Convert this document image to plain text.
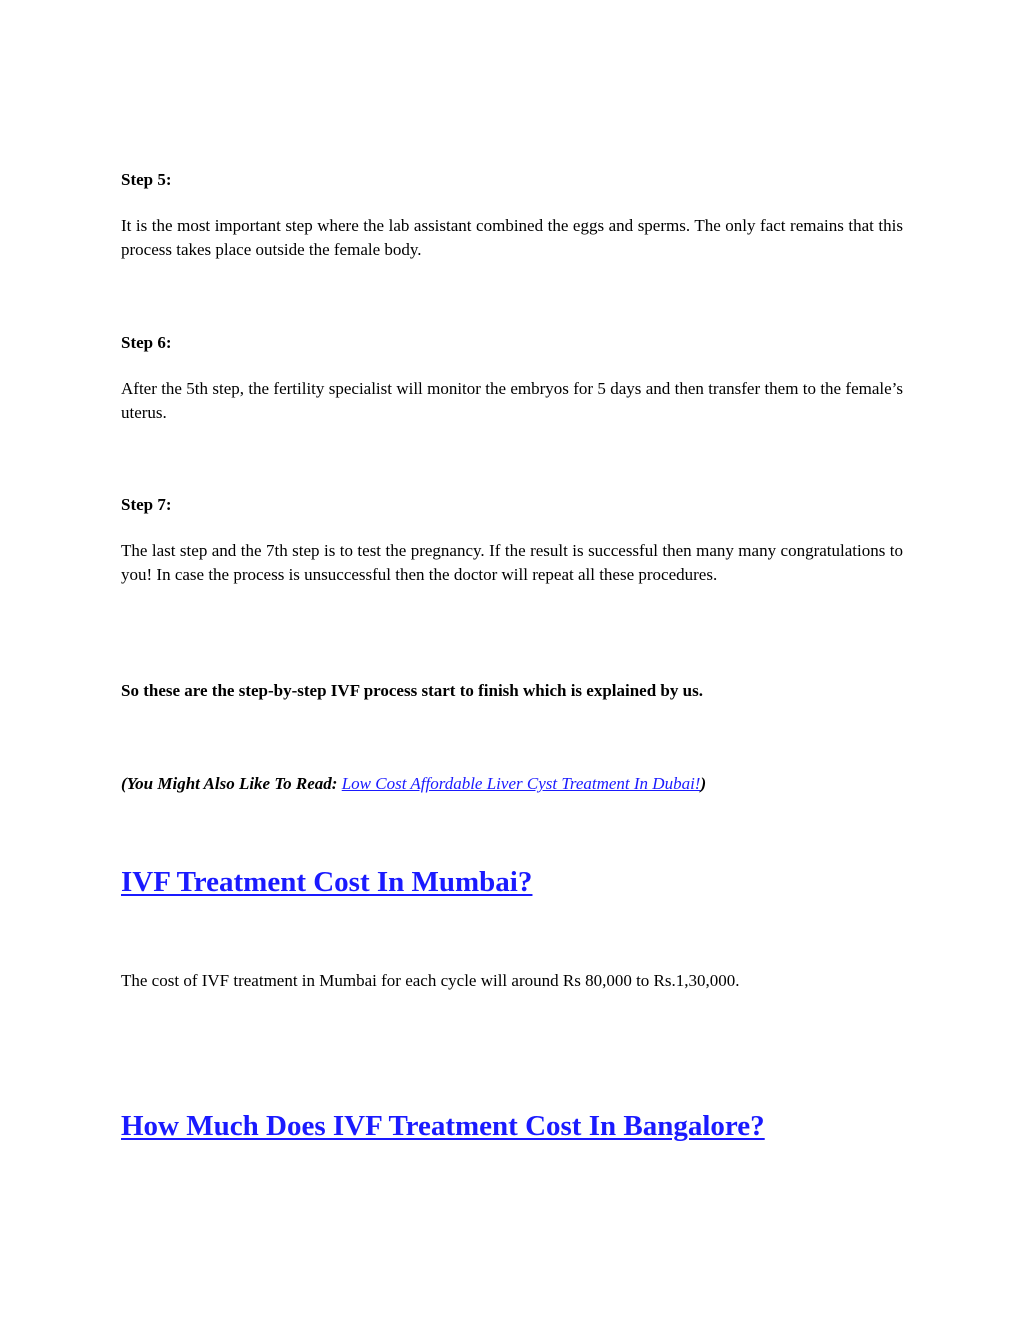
Step 5:

It is the most important step where the lab assistant combined the eggs and sperms. The only fact remains that this process takes place outside the female body.

Step 6:

After the 5th step, the fertility specialist will monitor the embryos for 5 days and then transfer them to the female’s uterus.

Step 7:

The last step and the 7th step is to test the pregnancy. If the result is successful then many many congratulations to you! In case the process is unsuccessful then the doctor will repeat all these procedures.

So these are the step-by-step IVF process start to finish which is explained by us.

(You Might Also Like To Read: Low Cost Affordable Liver Cyst Treatment In Dubai!)

IVF Treatment Cost In Mumbai?

The cost of IVF treatment in Mumbai for each cycle will around Rs 80,000 to Rs.1,30,000.

How Much Does IVF Treatment Cost In Bangalore?
